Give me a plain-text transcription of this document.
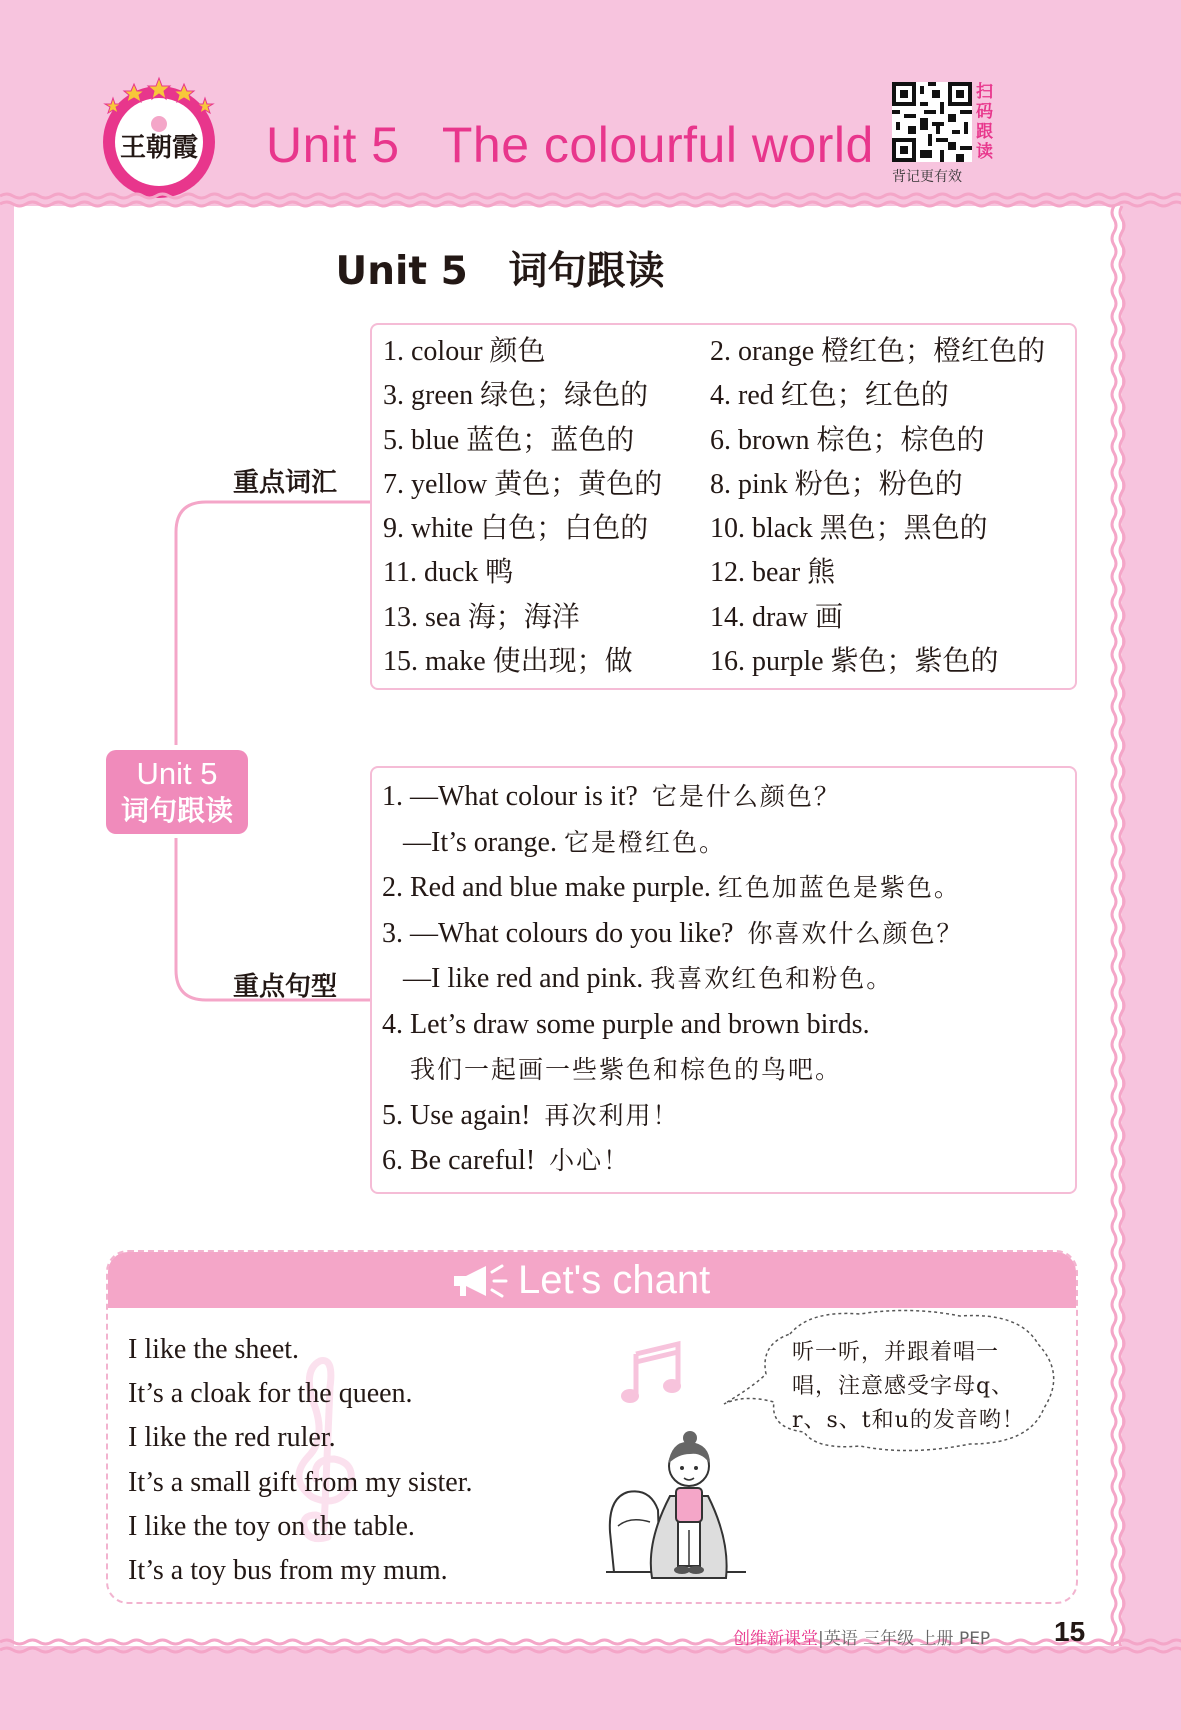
王朝霞 Unit 5   The colourful world
扫
码
跟
读
背记更有效
Unit 5   词句跟读
Unit 5
词句跟读
重点词汇
重点句型
1. colour 颜色
3. green 绿色；绿色的
5. blue 蓝色；蓝色的
7. yellow 黄色；黄色的
9. white 白色；白色的
11. duck 鸭
13. sea 海；海洋
15. make 使出现；做
2. orange 橙红色；橙红色的
4. red 红色；红色的
6. brown 棕色；棕色的
8. pink 粉色；粉色的
10. black 黑色；黑色的
12. bear 熊
14. draw 画
16. purple 紫色；紫色的
1. —What colour is it? 它是什么颜色？
—It’s orange. 它是橙红色。
2. Red and blue make purple. 红色加蓝色是紫色。
3. —What colours do you like? 你喜欢什么颜色？
—I like red and pink. 我喜欢红色和粉色。
4. Let’s draw some purple and brown birds.
我们一起画一些紫色和棕色的鸟吧。
5. Use again! 再次利用！
6. Be careful! 小心！
Let's chant
I like the sheet.
It’s a cloak for the queen.
I like the red ruler.
It’s a small gift from my sister.
I like the toy on the table.
It’s a toy bus from my mum.
听一听，并跟着唱一唱，注意感受字母q、r、s、t和u的发音哟！
创维新课堂|英语 三年级 上册 PEP 15
